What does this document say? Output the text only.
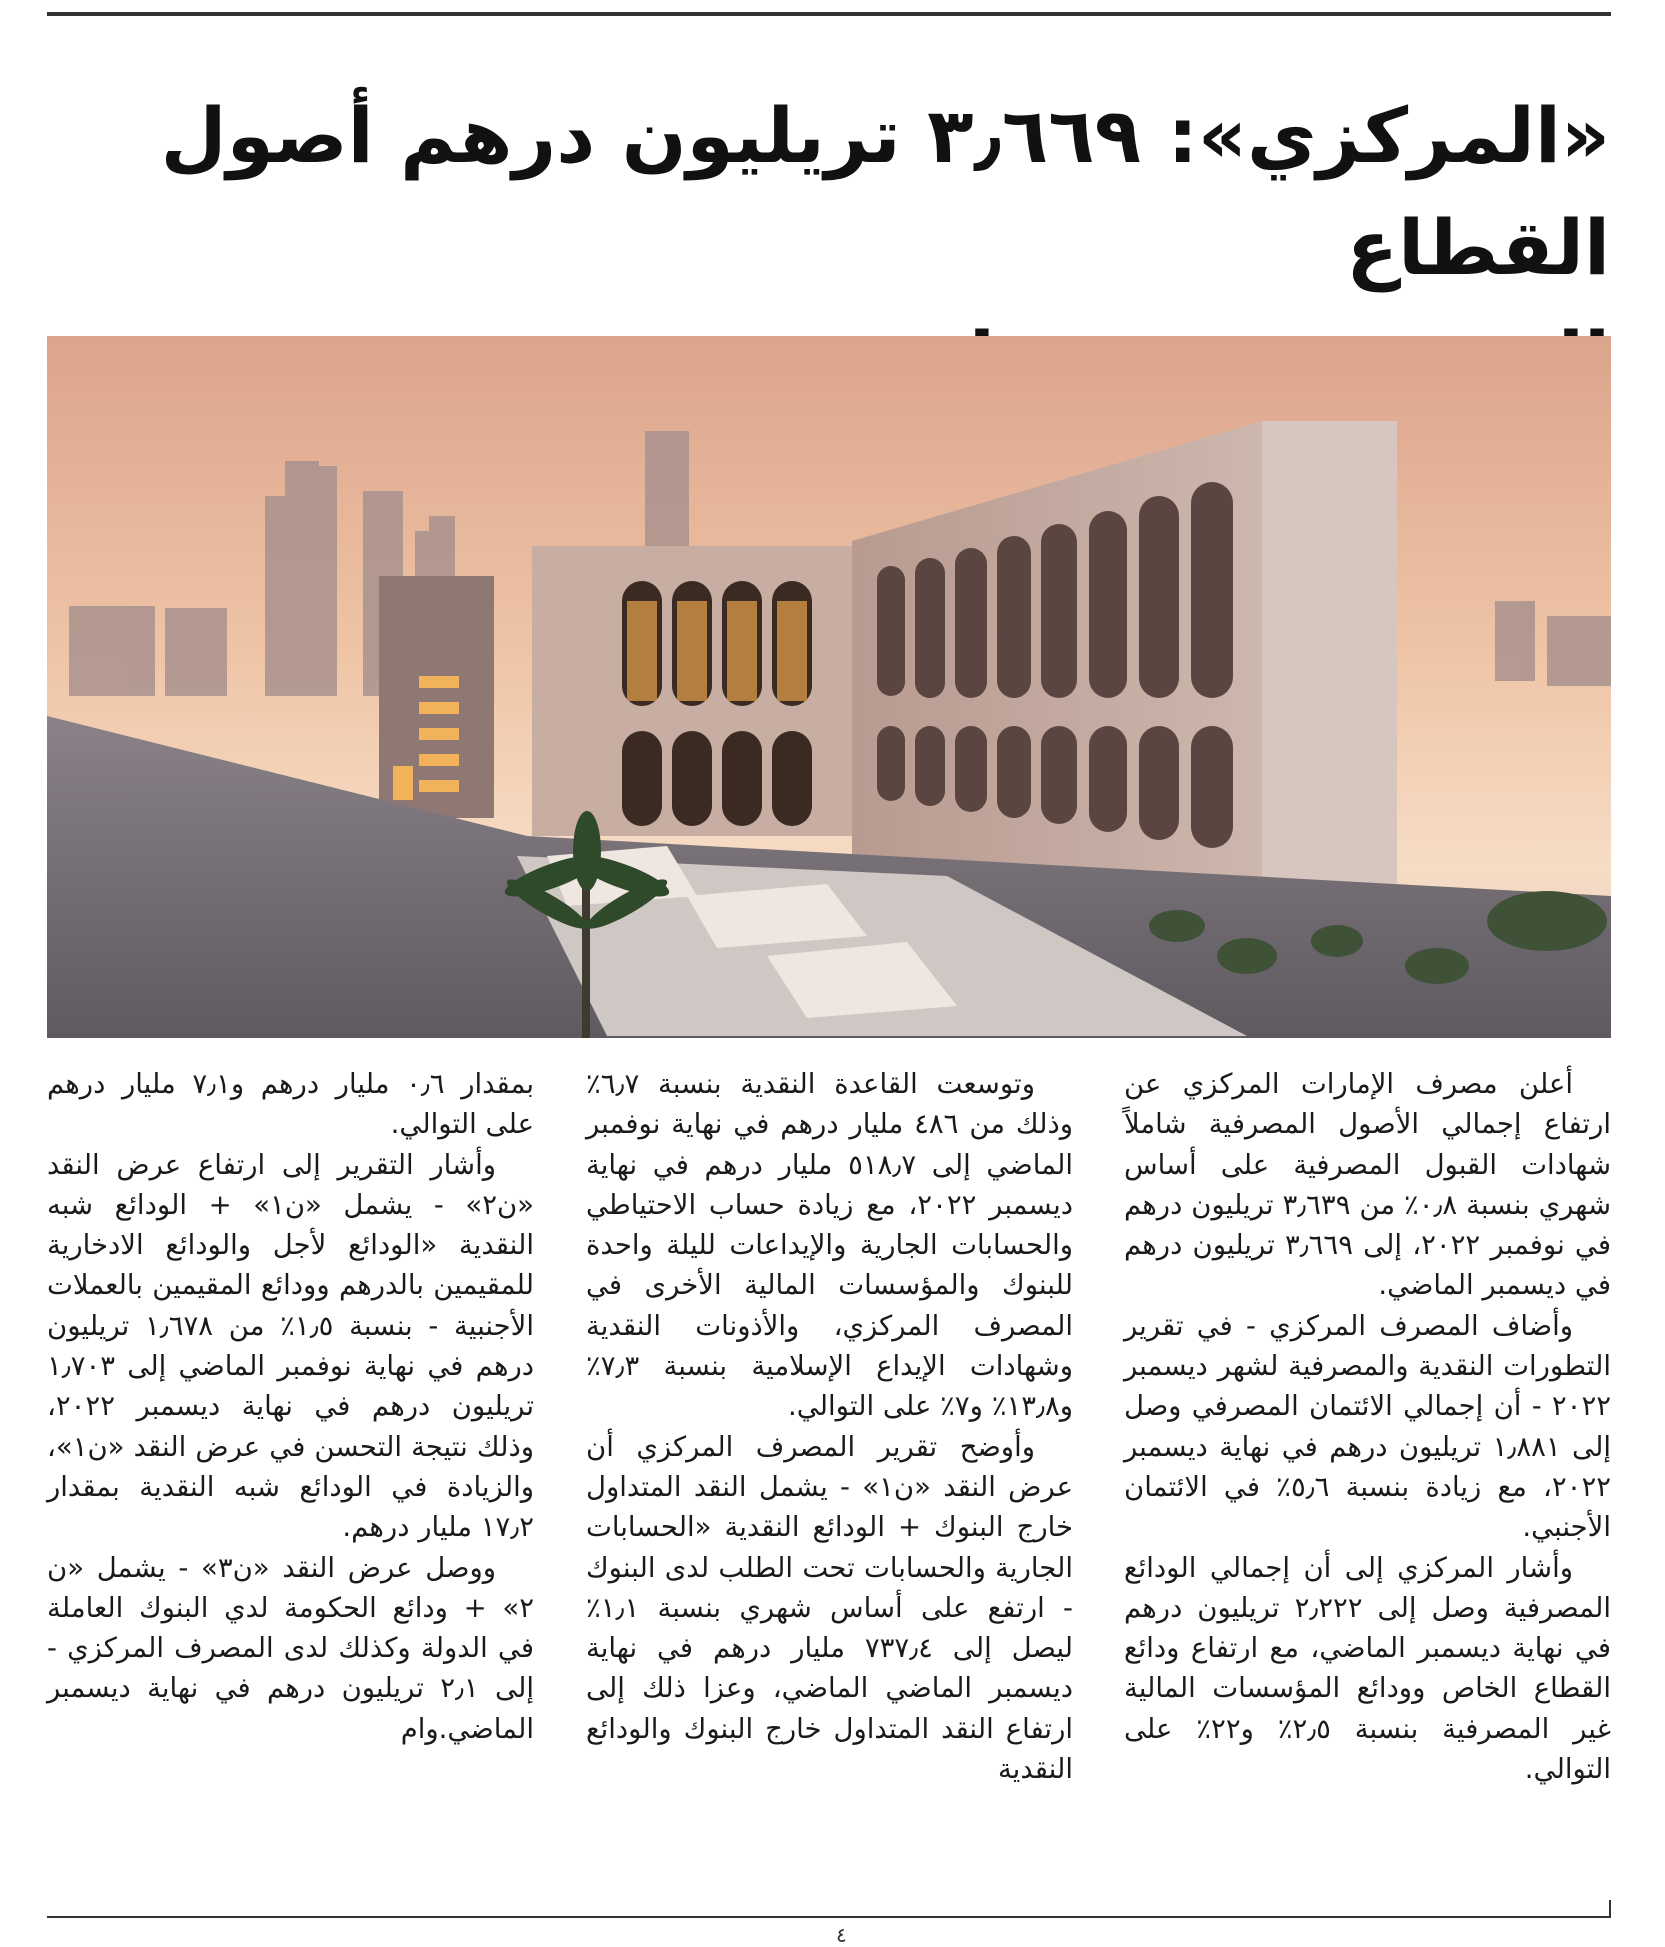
«المركزي»: ٣٫٦٦٩ تريليون درهم أصول القطاع

أعلن مصرف الإمارات المركزي عن ارتفاع إجمالي الأصول المصرفية شاملاً شهادات القبول المصرفية على أساس شهري بنسبة ٠٫٨٪ من ٣٫٦٣٩ تريليون درهم في نوفمبر ٢٠٢٢، إلى ٣٫٦٦٩ تريليون درهم في ديسمبر الماضي.

وأضاف المصرف المركزي - في تقرير التطورات النقدية والمصرفية لشهر ديسمبر ٢٠٢٢ - أن إجمالي الائتمان المصرفي وصل إلى ١٫٨٨١ تريليون درهم في نهاية ديسمبر ٢٠٢٢، مع زيادة بنسبة ٥٫٦٪ في الائتمان الأجنبي.

وأشار المركزي إلى أن إجمالي الودائع المصرفية وصل إلى ٢٫٢٢٢ تريليون درهم في نهاية ديسمبر الماضي، مع ارتفاع ودائع القطاع الخاص وودائع المؤسسات المالية غير المصرفية بنسبة ٢٫٥٪ و٢٢٪ على التوالي.

وتوسعت القاعدة النقدية بنسبة ٦٫٧٪ وذلك من ٤٨٦ مليار درهم في نهاية نوفمبر الماضي إلى ٥١٨٫٧ مليار درهم في نهاية ديسمبر ٢٠٢٢، مع زيادة حساب الاحتياطي والحسابات الجارية والإيداعات لليلة واحدة للبنوك والمؤسسات المالية الأخرى في المصرف المركزي، والأذونات النقدية وشهادات الإيداع الإسلامية بنسبة ٧٫٣٪ و١٣٫٨٪ و٧٪ على التوالي.

وأوضح تقرير المصرف المركزي أن عرض النقد «ن١» - يشمل النقد المتداول خارج البنوك + الودائع النقدية «الحسابات الجارية والحسابات تحت الطلب لدى البنوك - ارتفع على أساس شهري بنسبة ١٫١٪ ليصل إلى ٧٣٧٫٤ مليار درهم في نهاية ديسمبر الماضي الماضي، وعزا ذلك إلى ارتفاع النقد المتداول خارج البنوك والودائع النقدية

بمقدار ٠٫٦ مليار درهم و٧٫١ مليار درهم على التوالي.

وأشار التقرير إلى ارتفاع عرض النقد «ن٢» - يشمل «ن١» + الودائع شبه النقدية «الودائع لأجل والودائع الادخارية للمقيمين بالدرهم وودائع المقيمين بالعملات الأجنبية - بنسبة ١٫٥٪ من ١٫٦٧٨ تريليون درهم في نهاية نوفمبر الماضي إلى ١٫٧٠٣ تريليون درهم في نهاية ديسمبر ٢٠٢٢، وذلك نتيجة التحسن في عرض النقد «ن١»، والزيادة في الودائع شبه النقدية بمقدار ١٧٫٢ مليار درهم.

ووصل عرض النقد «ن٣» - يشمل «ن ٢» + ودائع الحكومة لدي البنوك العاملة في الدولة وكذلك لدى المصرف المركزي - إلى ٢٫١ تريليون درهم في نهاية ديسمبر الماضي.وام

٤
